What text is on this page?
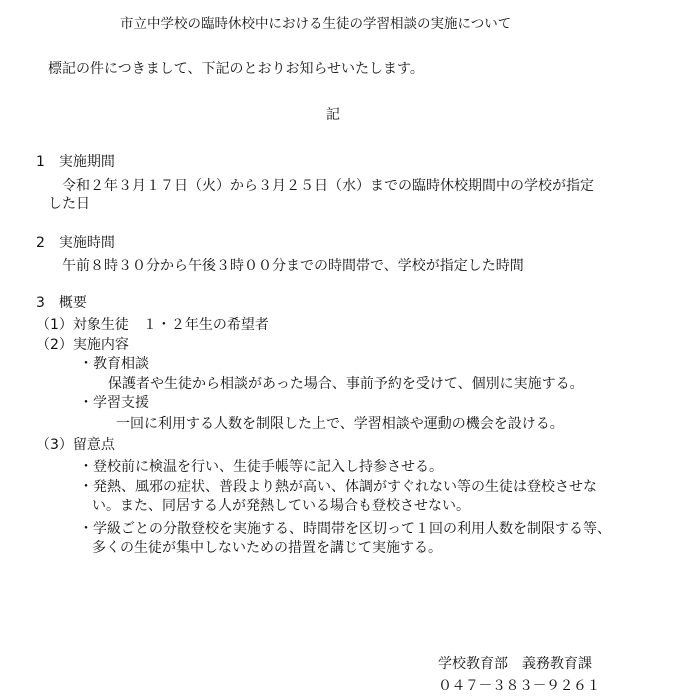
市立中学校の臨時休校中における生徒の学習相談の実施について
標記の件につきまして、下記のとおりお知らせいたします。
記
1　実施期間
令和２年３月１７日（火）から３月２５日（水）までの臨時休校期間中の学校が指定
した日
2　実施時間
午前８時３０分から午後３時００分までの時間帯で、学校が指定した時間
3　概要
（1）対象生徒　１・２年生の希望者
（2）実施内容
・教育相談
保護者や生徒から相談があった場合、事前予約を受けて、個別に実施する。
・学習支援
一回に利用する人数を制限した上で、学習相談や運動の機会を設ける。
（3）留意点
・登校前に検温を行い、生徒手帳等に記入し持参させる。
・発熱、風邪の症状、普段より熱が高い、体調がすぐれない等の生徒は登校させな
い。また、同居する人が発熱している場合も登校させない。
・学級ごとの分散登校を実施する、時間帯を区切って１回の利用人数を制限する等、
多くの生徒が集中しないための措置を講じて実施する。
学校教育部　義務教育課
０４７－３８３－９２６１
